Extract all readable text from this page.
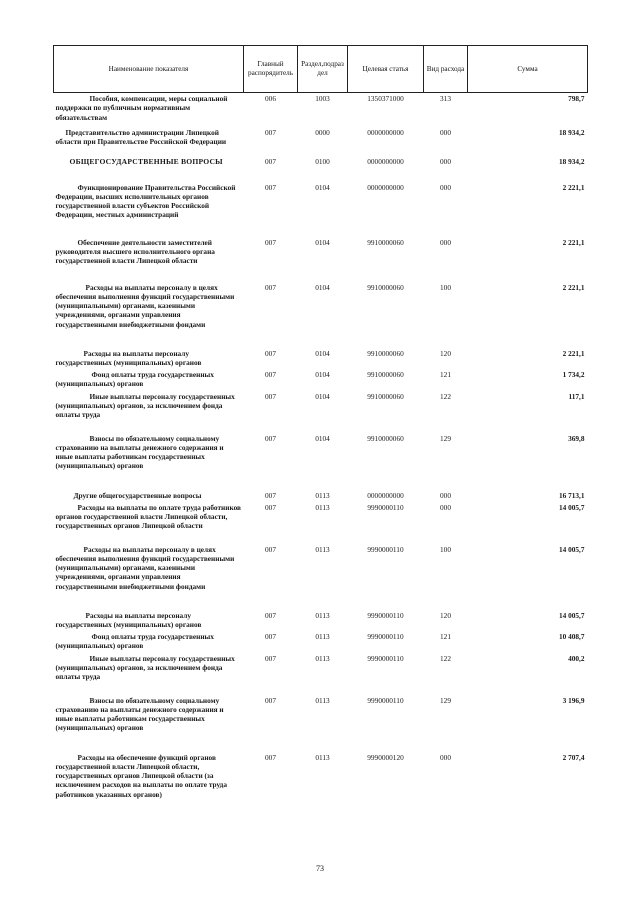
Наименование показателя	Главный распорядитель	Раздел,подраз дел	Целевая статья	Вид расхода	Сумма
Пособия, компенсации, меры социальной поддержки по публичным нормативным обязательствам	006	1003	1350371000	313	798,7
Представительство администрации Липецкой области при Правительстве Российской Федерации	007	0000	0000000000	000	18 934,2
ОБЩЕГОСУДАРСТВЕННЫЕ ВОПРОСЫ	007	0100	0000000000	000	18 934,2
Функционирование Правительства Российской Федерации, высших исполнительных органов государственной власти субъектов Российской Федерации, местных администраций	007	0104	0000000000	000	2 221,1
Обеспечение деятельности заместителей руководителя высшего исполнительного органа государственной власти Липецкой области	007	0104	9910000060	000	2 221,1
Расходы на выплаты персоналу в целях обеспечения выполнения функций государственными (муниципальными) органами, казенными учреждениями, органами управления государственными внебюджетными фондами	007	0104	9910000060	100	2 221,1
Расходы на выплаты персоналу государственных (муниципальных) органов	007	0104	9910000060	120	2 221,1
Фонд оплаты труда государственных (муниципальных) органов	007	0104	9910000060	121	1 734,2
Иные выплаты персоналу государственных (муниципальных) органов, за исключением фонда оплаты труда	007	0104	9910000060	122	117,1
Взносы по обязательному социальному страхованию на выплаты денежного содержания и иные выплаты работникам государственных (муниципальных) органов	007	0104	9910000060	129	369,8
Другие общегосударственные вопросы	007	0113	0000000000	000	16 713,1
Расходы на выплаты по оплате труда работников органов государственной власти Липецкой области, государственных органов Липецкой области	007	0113	9990000110	000	14 005,7
Расходы на выплаты персоналу в целях обеспечения выполнения функций государственными (муниципальными) органами, казенными учреждениями, органами управления государственными внебюджетными фондами	007	0113	9990000110	100	14 005,7
Расходы на выплаты персоналу государственных (муниципальных) органов	007	0113	9990000110	120	14 005,7
Фонд оплаты труда государственных (муниципальных) органов	007	0113	9990000110	121	10 408,7
Иные выплаты персоналу государственных (муниципальных) органов, за исключением фонда оплаты труда	007	0113	9990000110	122	400,2
Взносы по обязательному социальному страхованию на выплаты денежного содержания и иные выплаты работникам государственных (муниципальных) органов	007	0113	9990000110	129	3 196,9
Расходы на обеспечение функций органов государственной власти Липецкой области, государственных органов Липецкой области (за исключением расходов на выплаты по оплате труда работников указанных органов)	007	0113	9990000120	000	2 707,4
73
